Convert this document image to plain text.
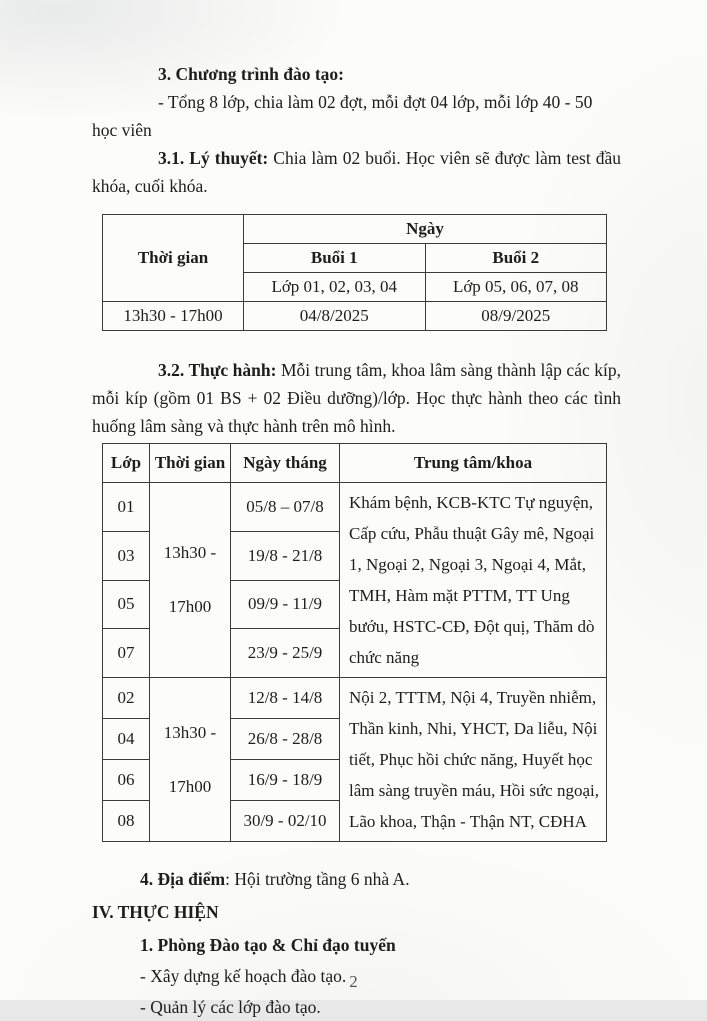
3. Chương trình đào tạo:

- Tổng 8 lớp, chia làm 02 đợt, mỗi đợt 04 lớp, mỗi lớp 40 - 50 học viên

3.1. Lý thuyết: Chia làm 02 buổi. Học viên sẽ được làm test đầu khóa, cuối khóa.

Thời gian	Ngày	
	Buổi 1	Buổi 2
	Lớp 01, 02, 03, 04	Lớp 05, 06, 07, 08
13h30 - 17h00	04/8/2025	08/9/2025

3.2. Thực hành: Mỗi trung tâm, khoa lâm sàng thành lập các kíp, mỗi kíp (gồm 01 BS + 02 Điều dưỡng)/lớp. Học thực hành theo các tình huống lâm sàng và thực hành trên mô hình.

Lớp	Thời gian	Ngày tháng	Trung tâm/khoa
01	13h30 - 17h00	05/8 – 07/8	Khám bệnh, KCB-KTC Tự nguyện, Cấp cứu, Phẫu thuật Gây mê, Ngoại 1, Ngoại 2, Ngoại 3, Ngoại 4, Mắt, TMH, Hàm mặt PTTM, TT Ung bướu, HSTC-CĐ, Đột quị, Thăm dò chức năng
03		19/8 - 21/8	
05		09/9 - 11/9	
07		23/9 - 25/9	
02	13h30 - 17h00	12/8 - 14/8	Nội 2, TTTM, Nội 4, Truyền nhiễm, Thần kinh, Nhi, YHCT, Da liễu, Nội tiết, Phục hồi chức năng, Huyết học lâm sàng truyền máu, Hồi sức ngoại, Lão khoa, Thận - Thận NT, CĐHA
04		26/8 - 28/8	
06		16/9 - 18/9	
08		30/9 - 02/10	

4. Địa điểm: Hội trường tầng 6 nhà A.

IV. THỰC HIỆN

1. Phòng Đào tạo & Chỉ đạo tuyến

- Xây dựng kế hoạch đào tạo.

- Quản lý các lớp đào tạo.

2
